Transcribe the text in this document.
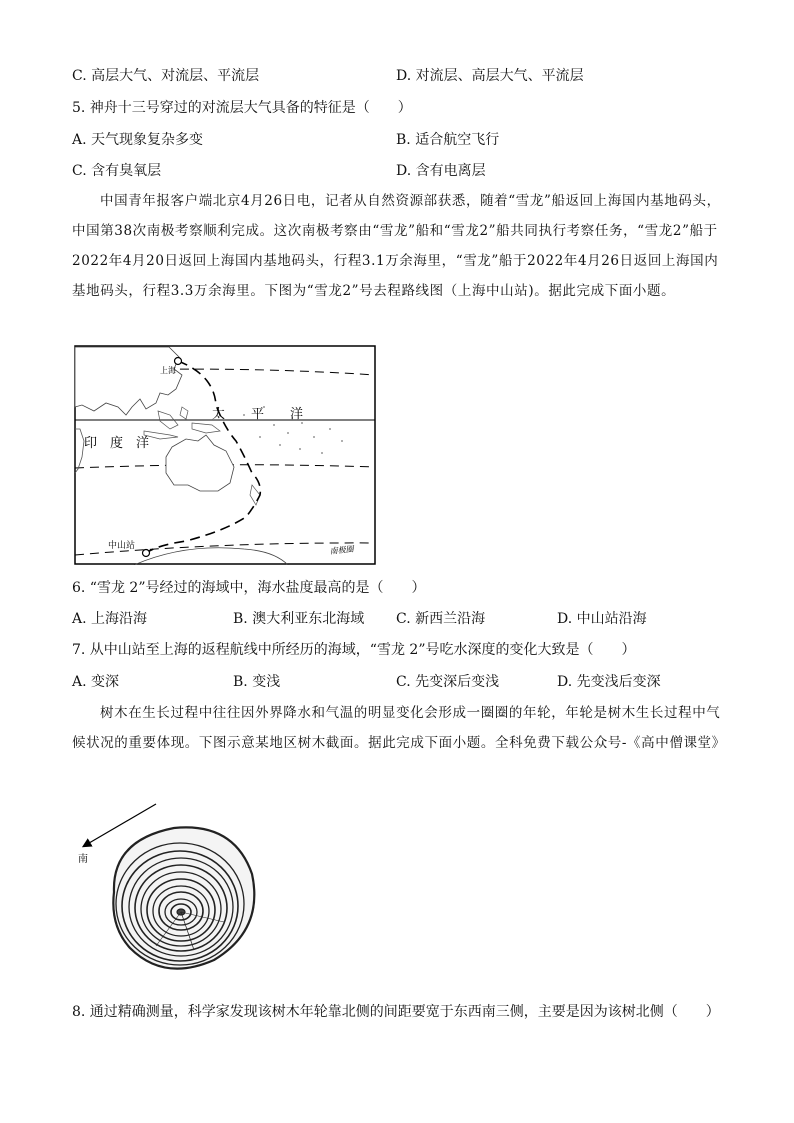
C. 高层大气、对流层、平流层	D. 对流层、高层大气、平流层
5. 神舟十三号穿过的对流层大气具备的特征是（　　）
A. 天气现象复杂多变	B. 适合航空飞行
C. 含有臭氧层	D. 含有电离层
中国青年报客户端北京4月26日电，记者从自然资源部获悉，随着“雪龙”船返回上海国内基地码头，中国第38次南极考察顺利完成。这次南极考察由“雪龙”船和“雪龙2”船共同执行考察任务，“雪龙2”船于2022年4月20日返回上海国内基地码头，行程3.1万余海里，“雪龙”船于2022年4月26日返回上海国内基地码头，行程3.3万余海里。下图为“雪龙2”号去程路线图（上海中山站)。据此完成下面小题。
上海
太　　平　　洋
印　度　洋
中山站	南极圈
6. “雪龙 2”号经过的海域中，海水盐度最高的是（　　）
A. 上海沿海	B. 澳大利亚东北海域 C. 新西兰沿海	D. 中山站沿海
7. 从中山站至上海的返程航线中所经历的海域，“雪龙 2”号吃水深度的变化大致是（　　）
A. 变深	B. 变浅	C. 先变深后变浅	D. 先变浅后变深
树木在生长过程中往往因外界降水和气温的明显变化会形成一圈圈的年轮，年轮是树木生长过程中气候状况的重要体现。下图示意某地区树木截面。据此完成下面小题。全科免费下载公众号-《高中僧课堂》
南
8. 通过精确测量，科学家发现该树木年轮靠北侧的间距要宽于东西南三侧，主要是因为该树北侧（　　）
